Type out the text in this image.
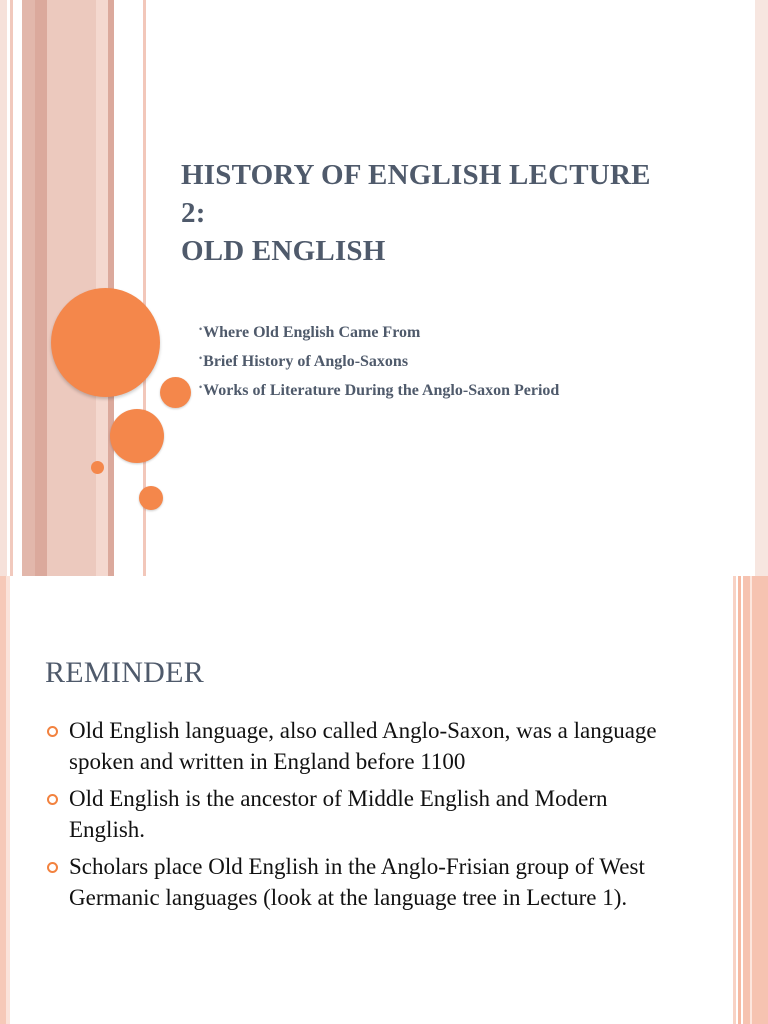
HISTORY OF ENGLISH LECTURE
2:
OLD ENGLISH
•Where Old English Came From
•Brief History of Anglo-Saxons
•Works of Literature During the Anglo-Saxon Period
REMINDER
Old English language, also called Anglo-Saxon, was a language spoken and written in England before 1100
Old English is the ancestor of Middle English and Modern English.
Scholars place Old English in the Anglo-Frisian group of West Germanic languages (look at the language tree in Lecture 1).
